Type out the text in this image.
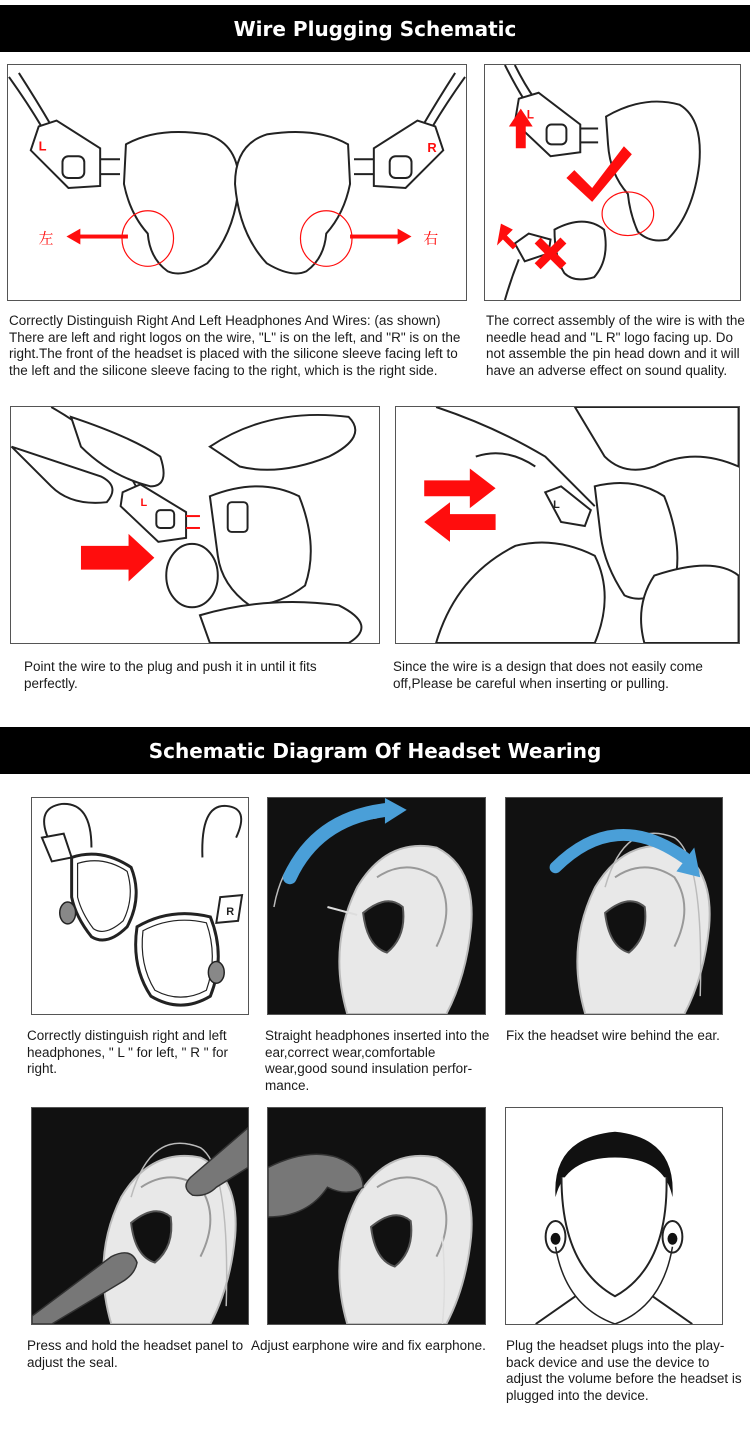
Wire Plugging Schematic
L	R
左	右
Correctly Distinguish Right And Left Headphones And Wires: (as shown) There are left and right logos on the wire, "L" is on the left, and "R" is on the right.The front of the headset is placed with the silicone sleeve facing left to the left and the silicone sleeve facing to the right, which is the right side.
L
The correct assembly of the wire is with the needle head and "L R" logo facing up. Do not assemble the pin head down and it will have an adverse effect on sound quality.
L
Point the wire to the plug and push it in until it fits perfectly.
L
Since the wire is a design that does not easily come off,Please be careful when inserting or pulling.
Schematic Diagram Of Headset Wearing
R
Correctly distinguish right and left headphones, " L " for left, " R " for right.
Straight headphones inserted into the ear,correct wear,comfortable wear,good sound insulation perfor-mance.
Fix the headset wire behind the ear.
Press and hold the headset panel to adjust the seal.
Adjust earphone wire and fix earphone.	Plug the headset plugs into the play-back device and use the device to adjust the volume before the headset is plugged into the device.
